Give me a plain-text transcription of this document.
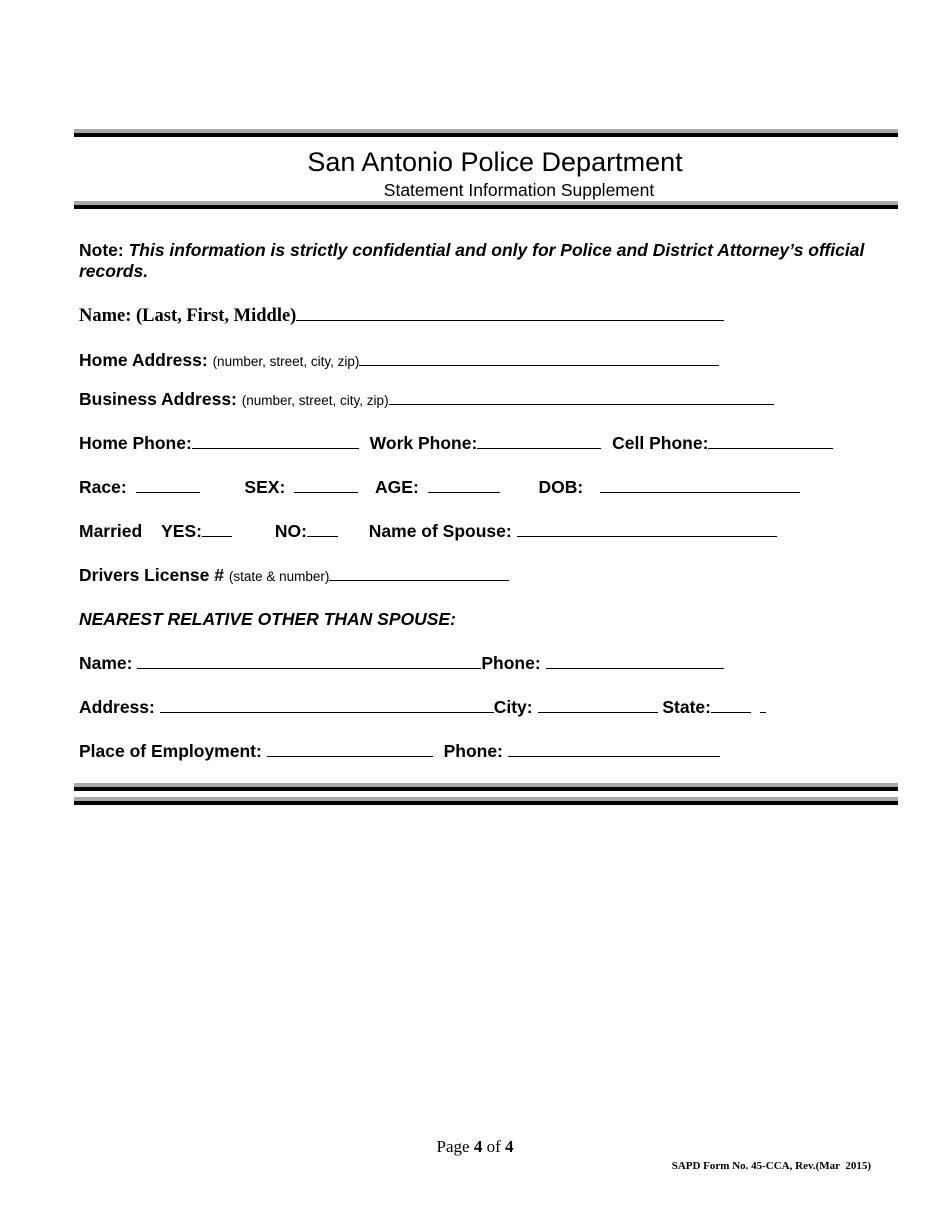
San Antonio Police Department
Statement Information Supplement
Note: This information is strictly confidential and only for Police and District Attorney’s official records.
Name: (Last, First, Middle)
Home Address: (number, street, city, zip)
Business Address: (number, street, city, zip)
Home Phone:	Work Phone:	Cell Phone:
Race:	SEX:	AGE:	DOB:
Married YES:	NO:	Name of Spouse:
Drivers License # (state & number)
NEAREST RELATIVE OTHER THAN SPOUSE:
Name:	Phone:
Address:	City:	State:
Place of Employment:	Phone:
Page 4 of 4
SAPD Form No. 45-CCA, Rev.(Mar  2015)
